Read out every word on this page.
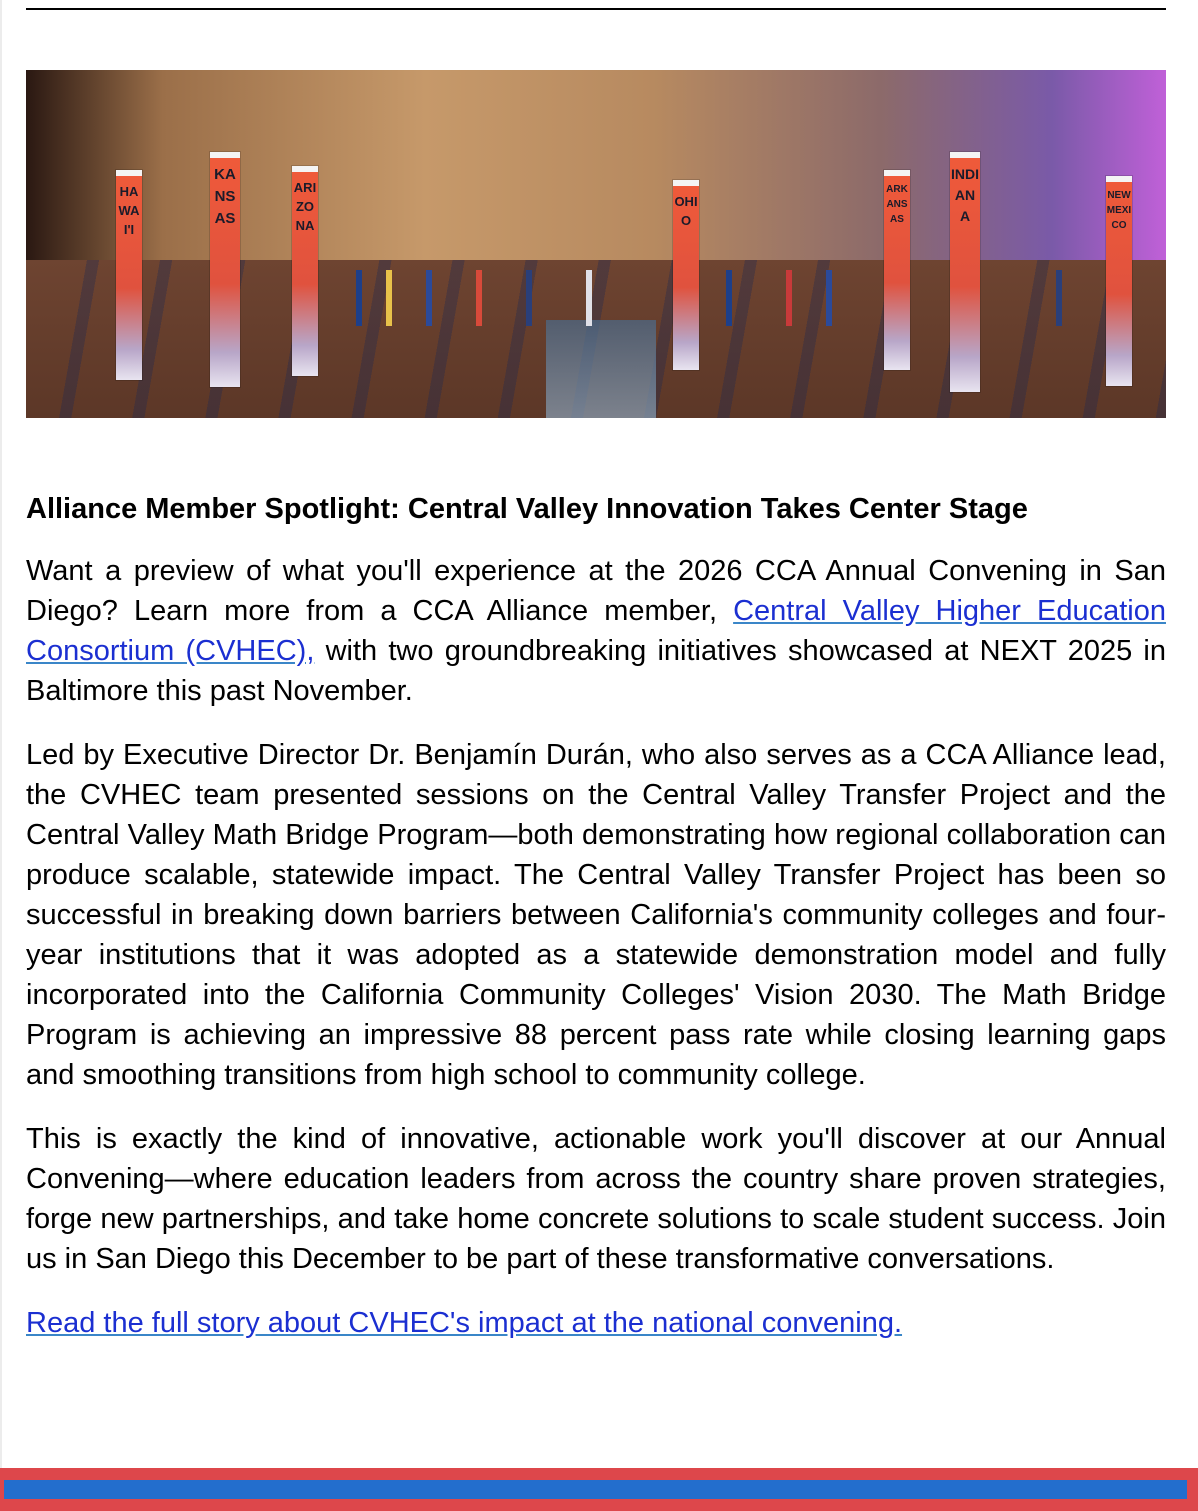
HAWAI'I
KANSAS
ARIZONA
OHIO
ARKANSAS
INDIANA
NEW MEXICO
Alliance Member Spotlight: Central Valley Innovation Takes Center Stage

Want a preview of what you'll experience at the 2026 CCA Annual Convening in San Diego? Learn more from a CCA Alliance member, Central Valley Higher Education Consortium (CVHEC), with two groundbreaking initiatives showcased at NEXT 2025 in Baltimore this past November.

Led by Executive Director Dr. Benjamín Durán, who also serves as a CCA Alliance lead, the CVHEC team presented sessions on the Central Valley Transfer Project and the Central Valley Math Bridge Program—both demonstrating how regional collaboration can produce scalable, statewide impact. The Central Valley Transfer Project has been so successful in breaking down barriers between California's community colleges and four-year institutions that it was adopted as a statewide demonstration model and fully incorporated into the California Community Colleges' Vision 2030. The Math Bridge Program is achieving an impressive 88 percent pass rate while closing learning gaps and smoothing transitions from high school to community college.

This is exactly the kind of innovative, actionable work you'll discover at our Annual Convening—where education leaders from across the country share proven strategies, forge new partnerships, and take home concrete solutions to scale student success. Join us in San Diego this December to be part of these transformative conversations.

Read the full story about CVHEC's impact at the national convening.
